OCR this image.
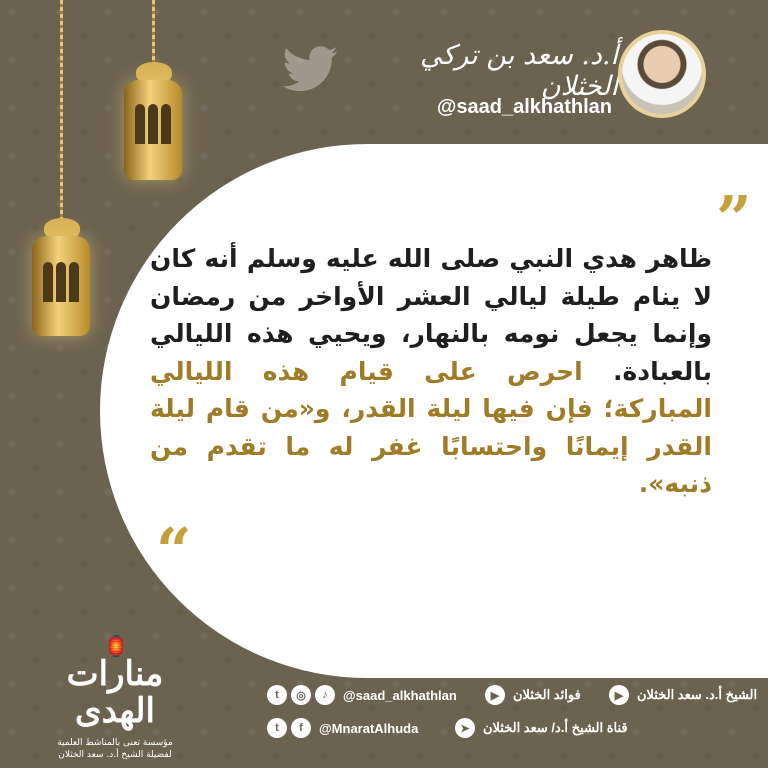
أ.د. سعد بن تركي الخثلان
@saad_alkhathlan
”
ظاهر هدي النبي صلى الله عليه وسلم أنه كان لا ينام طيلة ليالي العشر الأواخر من رمضان وإنما يجعل نومه بالنهار، ويحيي هذه الليالي بالعبادة. احرص على قيام هذه الليالي المباركة؛ فإن فيها ليلة القدر، و«من قام ليلة القدر إيمانًا واحتسابًا غفر له ما تقدم من ذنبه».
“
🏮
منارات الهدى
مؤسسة تعنى بالمناشط العلمية
لفضيلة الشيخ أ.د. سعد الخثلان
t	◎	♪	@saad_alkhathlan	▶	فوائد الخثلان	▶	الشيخ أ.د. سعد الخثلان
t	f	@MnaratAlhuda	➤	قناة الشيخ أ.د/ سعد الخثلان
